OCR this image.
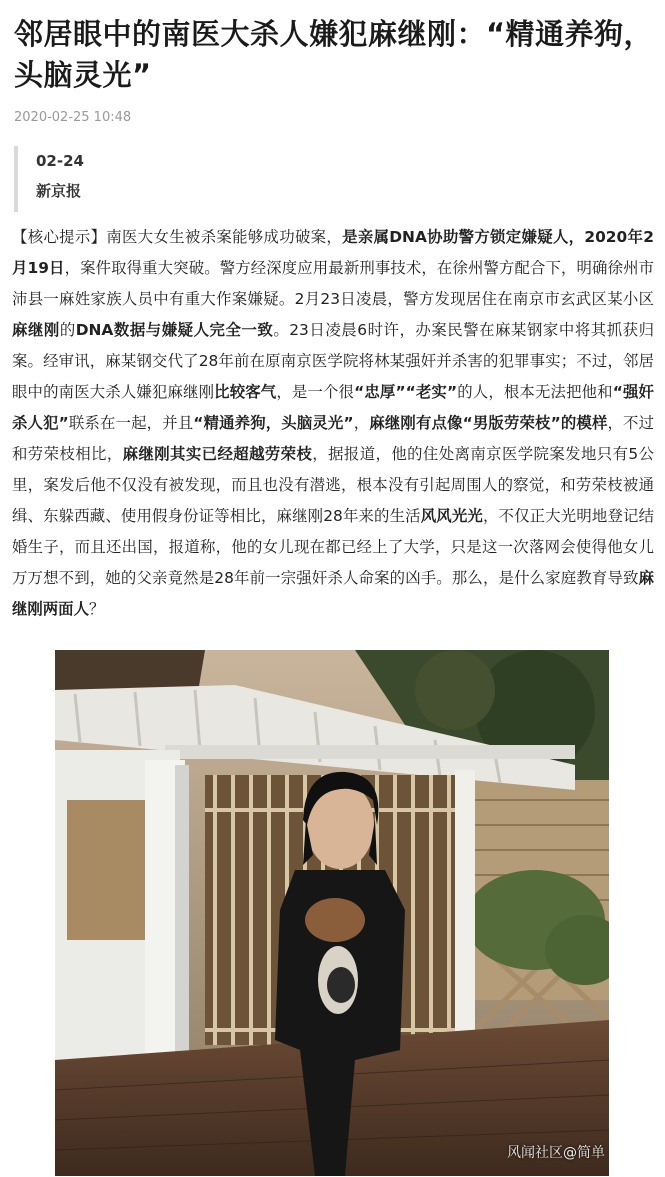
邻居眼中的南医大杀人嫌犯麻继刚：“精通养狗，头脑灵光”
2020-02-25 10:48
02-24
新京报

【核心提示】南医大女生被杀案能够成功破案，是亲属DNA协助警方锁定嫌疑人，2020年2月19日，案件取得重大突破。警方经深度应用最新刑事技术，在徐州警方配合下，明确徐州市沛县一麻姓家族人员中有重大作案嫌疑。2月23日凌晨，警方发现居住在南京市玄武区某小区麻继刚的DNA数据与嫌疑人完全一致。23日凌晨6时许，办案民警在麻某钢家中将其抓获归案。经审讯，麻某钢交代了28年前在原南京医学院将林某强奸并杀害的犯罪事实；不过，邻居眼中的南医大杀人嫌犯麻继刚比较客气，是一个很“忠厚”“老实”的人，根本无法把他和“强奸杀人犯”联系在一起，并且“精通养狗，头脑灵光”，麻继刚有点像“男版劳荣枝”的模样，不过和劳荣枝相比，麻继刚其实已经超越劳荣枝，据报道，他的住处离南京医学院案发地只有5公里，案发后他不仅没有被发现，而且也没有潜逃，根本没有引起周围人的察觉，和劳荣枝被通缉、东躲西藏、使用假身份证等相比，麻继刚28年来的生活风风光光，不仅正大光明地登记结婚生子，而且还出国，报道称，他的女儿现在都已经上了大学，只是这一次落网会使得他女儿万万想不到，她的父亲竟然是28年前一宗强奸杀人命案的凶手。那么，是什么家庭教育导致麻继刚两面人？

风闻社区@简单
